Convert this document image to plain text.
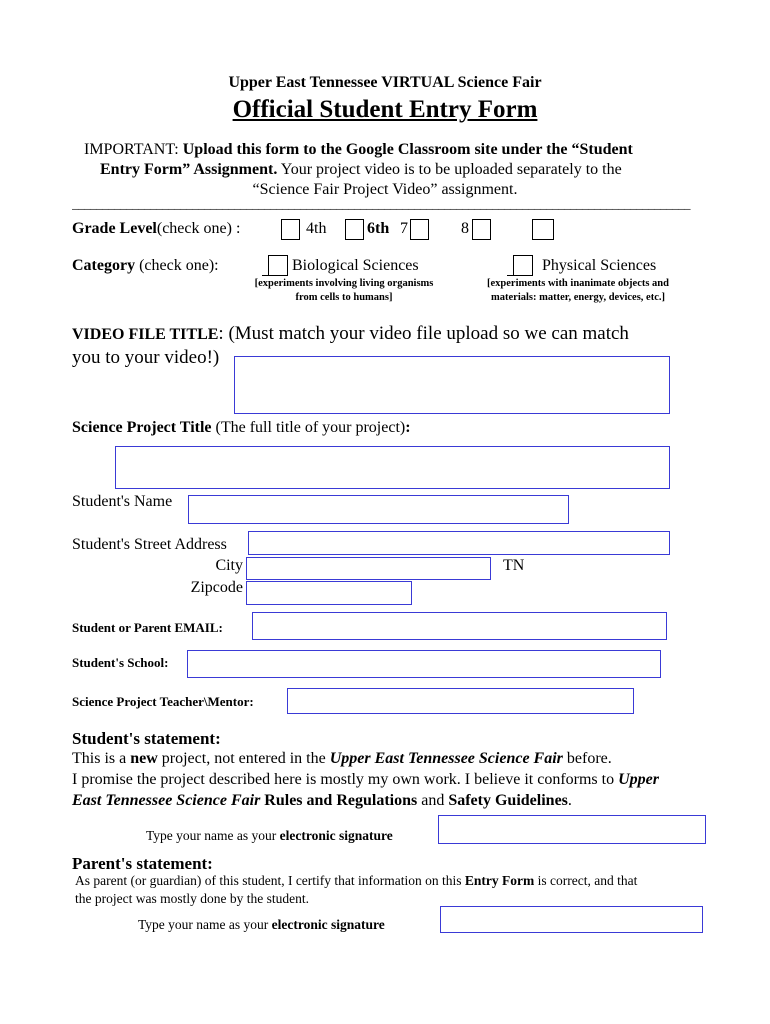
Upper East Tennessee VIRTUAL Science Fair
Official Student Entry Form
IMPORTANT: Upload this form to the Google Classroom site under the “Student
Entry Form” Assignment. Your project video is to be uploaded separately to the
“Science Fair Project Video” assignment.
_______________________________________________________________________________________________________
Grade Level(check one) :	4th	6th 7	8
Category (check one):	Biological Sciences
[experiments involving living organisms
from cells to humans]
Physical Sciences
[experiments with inanimate objects and
materials: matter, energy, devices, etc.]
VIDEO FILE TITLE: (Must match your video file upload so we can match
you to your video!)
Science Project Title (The full title of your project):
Student's Name
Student's Street Address
City	TN
Zipcode
Student or Parent EMAIL:
Student's School:
Science Project Teacher\Mentor:
Student's statement:
This is a new project, not entered in the Upper East Tennessee Science Fair before.
I promise the project described here is mostly my own work. I believe it conforms to Upper
East Tennessee Science Fair Rules and Regulations and Safety Guidelines.
Type your name as your electronic signature
Parent's statement:
As parent (or guardian) of this student, I certify that information on this Entry Form is correct, and that
the project was mostly done by the student.
Type your name as your electronic signature
